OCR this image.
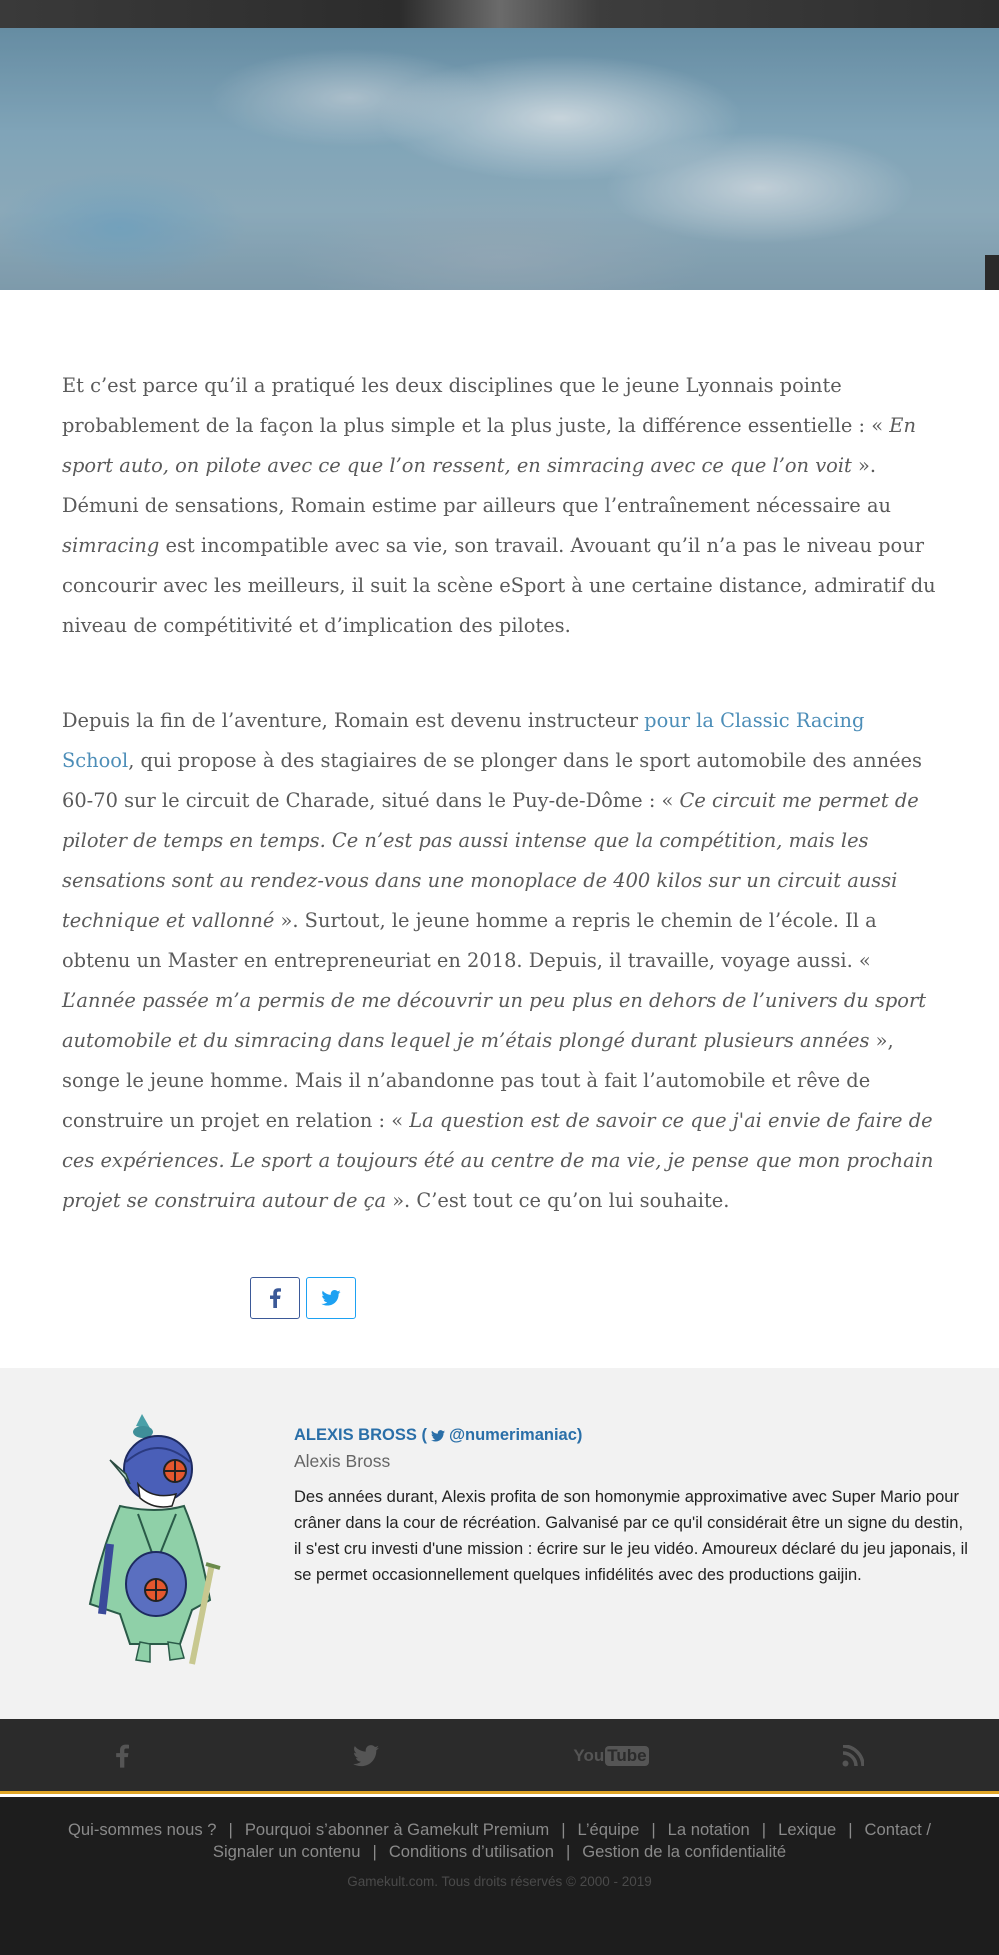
Et c’est parce qu’il a pratiqué les deux disciplines que le jeune Lyonnais pointe probablement de la façon la plus simple et la plus juste, la différence essentielle : « En sport auto, on pilote avec ce que l’on ressent, en simracing avec ce que l’on voit ». Démuni de sensations, Romain estime par ailleurs que l’entraînement nécessaire au simracing est incompatible avec sa vie, son travail. Avouant qu’il n’a pas le niveau pour concourir avec les meilleurs, il suit la scène eSport à une certaine distance, admiratif du niveau de compétitivité et d’implication des pilotes.

Depuis la fin de l’aventure, Romain est devenu instructeur pour la Classic Racing School, qui propose à des stagiaires de se plonger dans le sport automobile des années 60-70 sur le circuit de Charade, situé dans le Puy-de-Dôme : « Ce circuit me permet de piloter de temps en temps. Ce n’est pas aussi intense que la compétition, mais les sensations sont au rendez-vous dans une monoplace de 400 kilos sur un circuit aussi technique et vallonné ». Surtout, le jeune homme a repris le chemin de l’école. Il a obtenu un Master en entrepreneuriat en 2018. Depuis, il travaille, voyage aussi. « L’année passée m’a permis de me découvrir un peu plus en dehors de l’univers du sport automobile et du simracing dans lequel je m’étais plongé durant plusieurs années », songe le jeune homme. Mais il n’abandonne pas tout à fait l’automobile et rêve de construire un projet en relation : « La question est de savoir ce que j'ai envie de faire de ces expériences. Le sport a toujours été au centre de ma vie, je pense que mon prochain projet se construira autour de ça ». C’est tout ce qu’on lui souhaite.

ALEXIS BROSS ( @numerimaniac)
Alexis Bross
Des années durant, Alexis profita de son homonymie approximative avec Super Mario pour crâner dans la cour de récréation. Galvanisé par ce qu'il considérait être un signe du destin, il s'est cru investi d'une mission : écrire sur le jeu vidéo. Amoureux déclaré du jeu japonais, il se permet occasionnellement quelques infidélités avec des productions gaijin.
You Tube
Qui-sommes nous ? | Pourquoi s’abonner à Gamekult Premium | L’équipe | La notation | Lexique | Contact /
Signaler un contenu | Conditions d’utilisation | Gestion de la confidentialité
Gamekult.com. Tous droits réservés © 2000 - 2019
